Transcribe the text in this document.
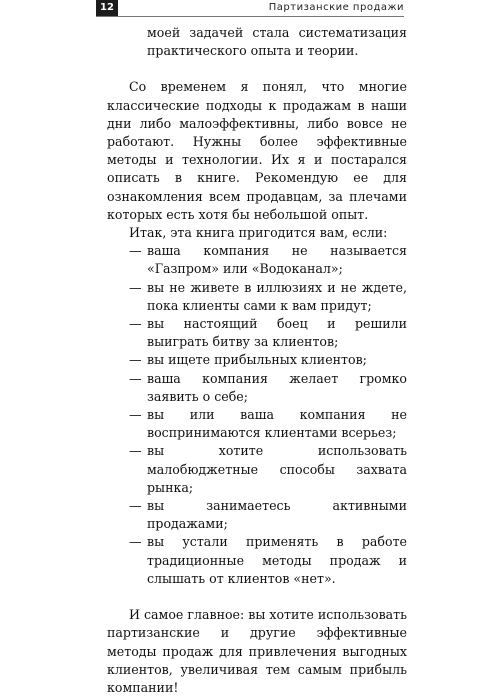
12	Партизанские продажи

моей задачей стала систематизация практического опыта и теории.

Со временем я понял, что многие классические подходы к продажам в наши дни либо малоэффективны, либо вовсе не работают. Нужны более эффективные методы и технологии. Их я и постарался описать в книге. Рекомендую ее для ознакомления всем продавцам, за плечами которых есть хотя бы небольшой опыт.

Итак, эта книга пригодится вам, если:

— ваша компания не называется «Газпром» или «Водоканал»;
— вы не живете в иллюзиях и не ждете, пока клиенты сами к вам придут;
— вы настоящий боец и решили выиграть битву за клиентов;
— вы ищете прибыльных клиентов;
— ваша компания желает громко заявить о себе;
— вы или ваша компания не воспринимаются клиентами всерьез;
— вы хотите использовать малобюджетные способы захвата рынка;
— вы занимаетесь активными продажами;
— вы устали применять в работе традиционные методы продаж и слышать от клиентов «нет».

И самое главное: вы хотите использовать партизанские и другие эффективные методы продаж для привлечения выгодных клиентов, увеличивая тем самым прибыль компании!
